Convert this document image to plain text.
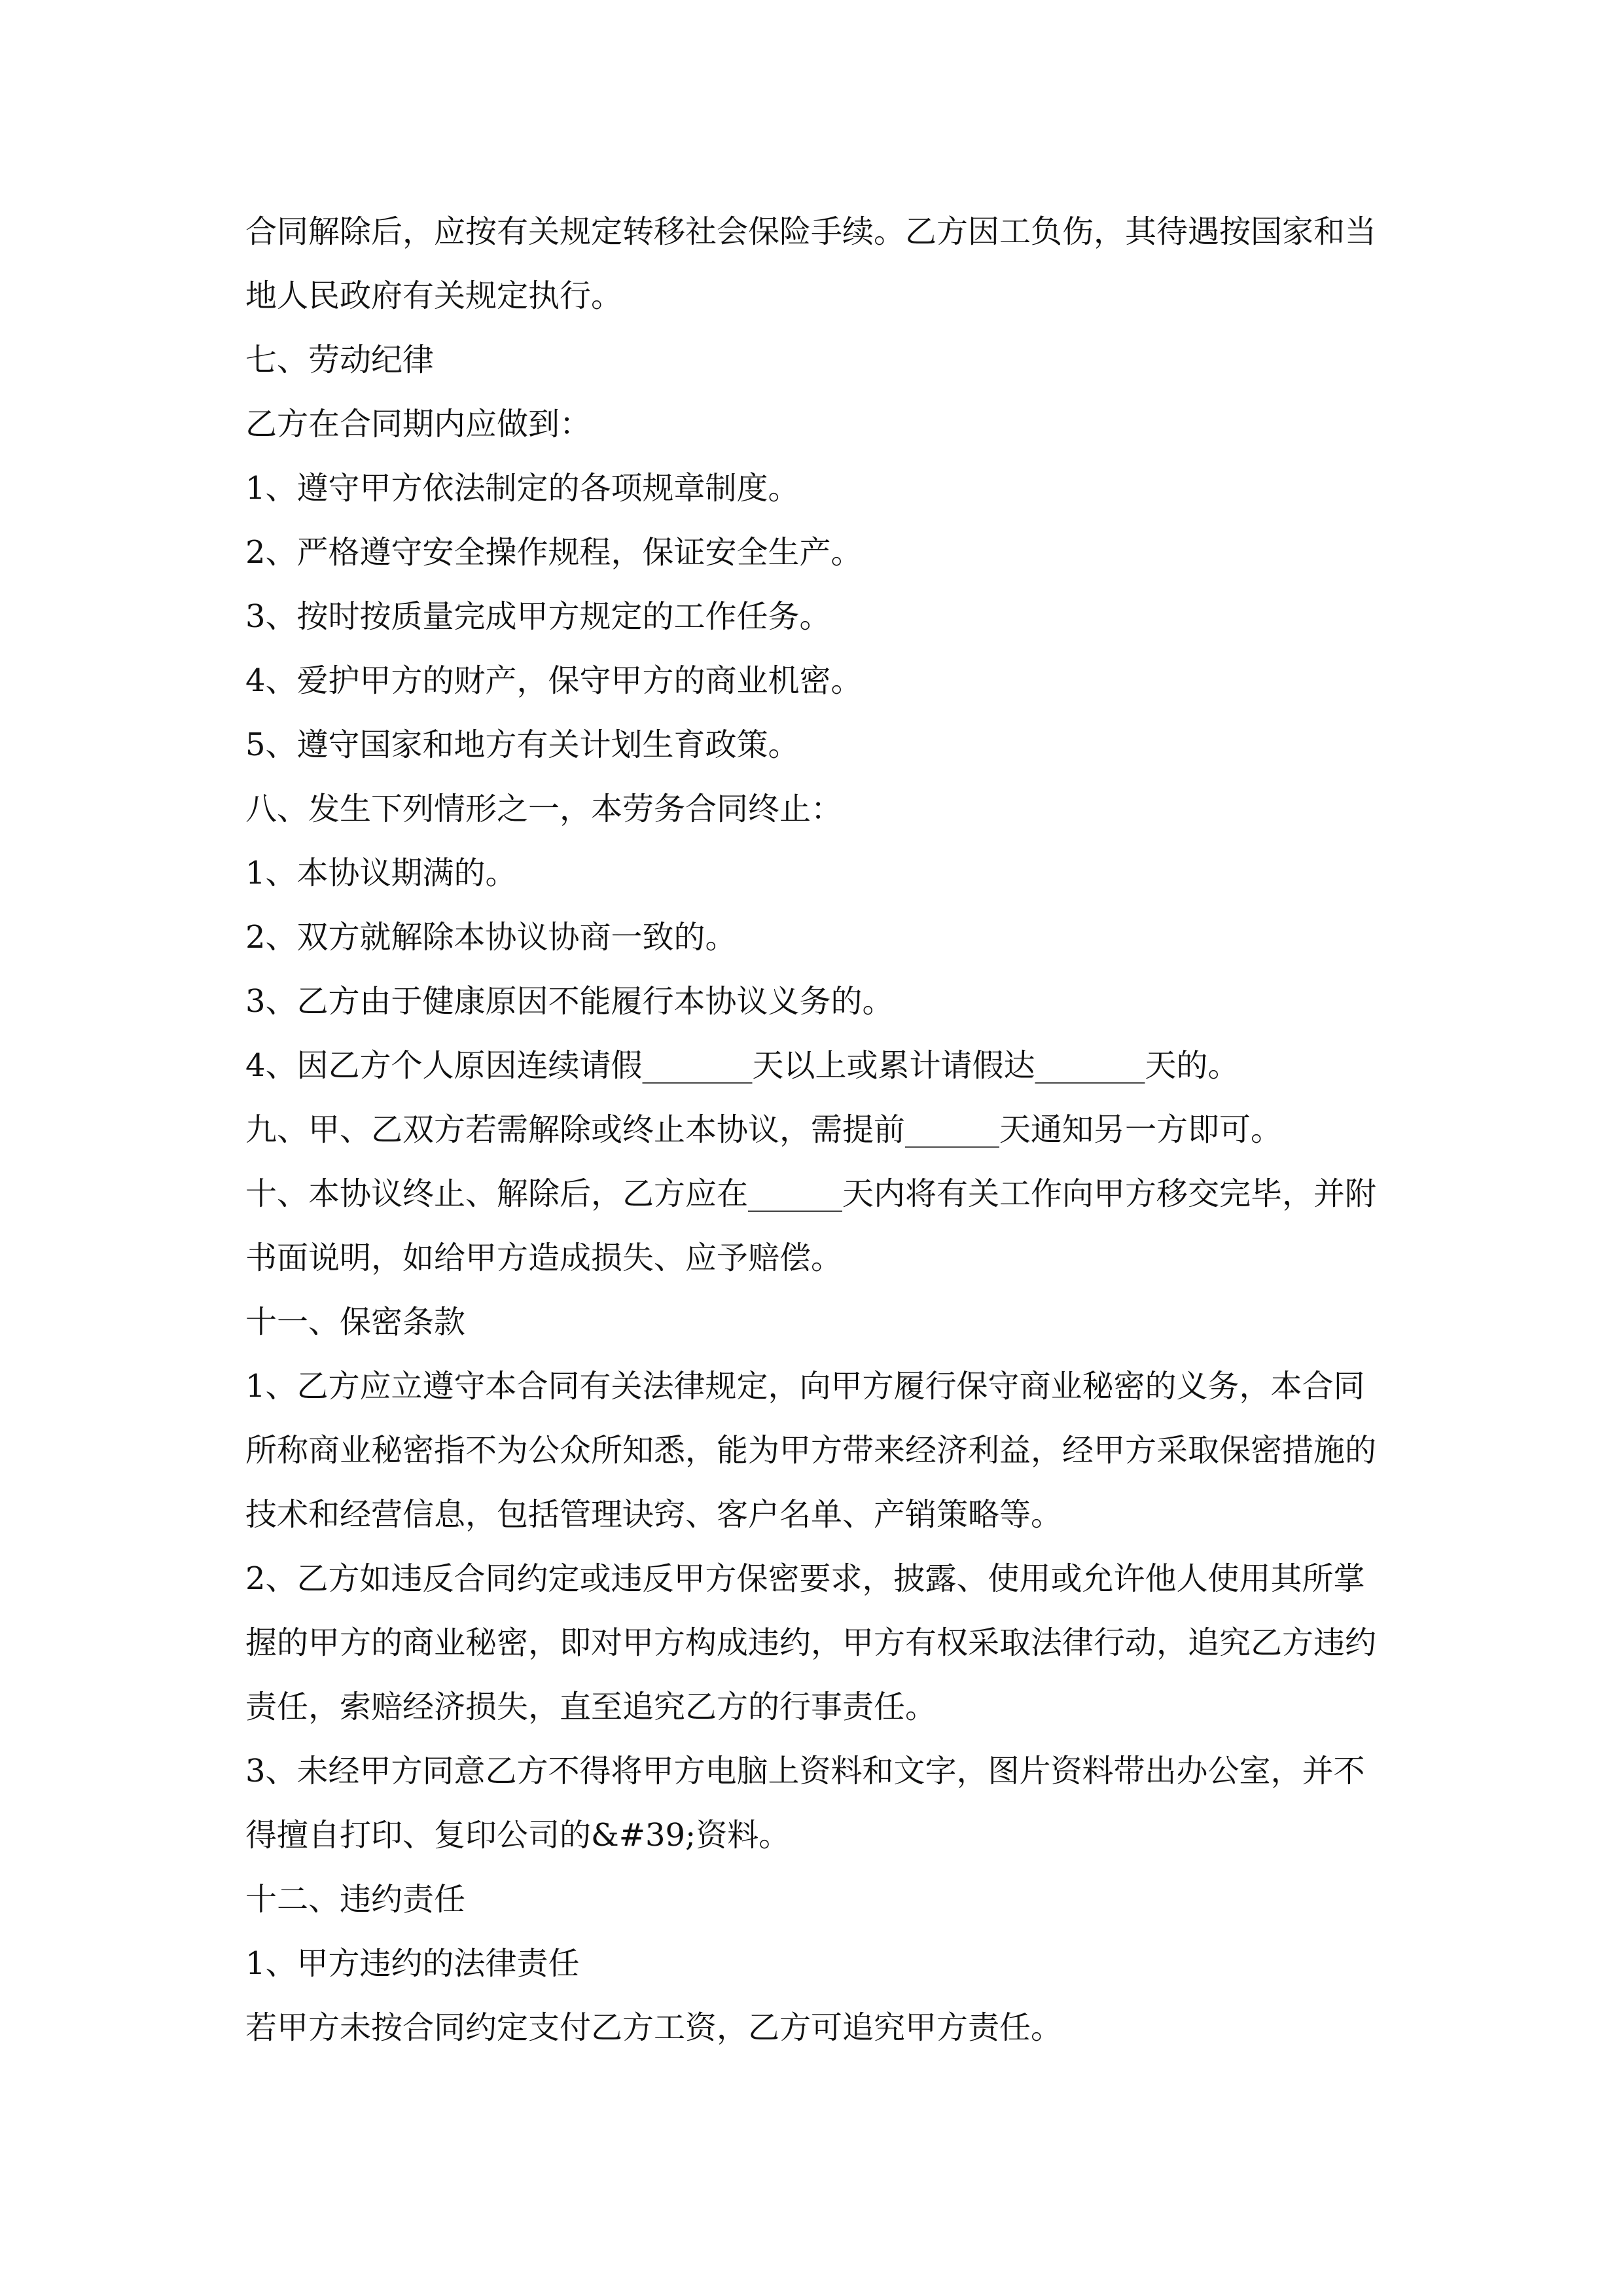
合同解除后，应按有关规定转移社会保险手续。乙方因工负伤，其待遇按国家和当地人民政府有关规定执行。

七、劳动纪律

乙方在合同期内应做到：

1、遵守甲方依法制定的各项规章制度。

2、严格遵守安全操作规程，保证安全生产。

3、按时按质量完成甲方规定的工作任务。

4、爱护甲方的财产，保守甲方的商业机密。

5、遵守国家和地方有关计划生育政策。

八、发生下列情形之一，本劳务合同终止：

1、本协议期满的。

2、双方就解除本协议协商一致的。

3、乙方由于健康原因不能履行本协议义务的。

4、因乙方个人原因连续请假_______天以上或累计请假达_______天的。

九、甲、乙双方若需解除或终止本协议，需提前______天通知另一方即可。

十、本协议终止、解除后，乙方应在______天内将有关工作向甲方移交完毕，并附书面说明，如给甲方造成损失、应予赔偿。

十一、保密条款

1、乙方应立遵守本合同有关法律规定，向甲方履行保守商业秘密的义务，本合同所称商业秘密指不为公众所知悉，能为甲方带来经济利益，经甲方采取保密措施的技术和经营信息，包括管理诀窍、客户名单、产销策略等。

2、乙方如违反合同约定或违反甲方保密要求，披露、使用或允许他人使用其所掌握的甲方的商业秘密，即对甲方构成违约，甲方有权采取法律行动，追究乙方违约责任，索赔经济损失，直至追究乙方的行事责任。

3、未经甲方同意乙方不得将甲方电脑上资料和文字，图片资料带出办公室，并不得擅自打印、复印公司的&#39;资料。

十二、违约责任

1、甲方违约的法律责任

若甲方未按合同约定支付乙方工资，乙方可追究甲方责任。
